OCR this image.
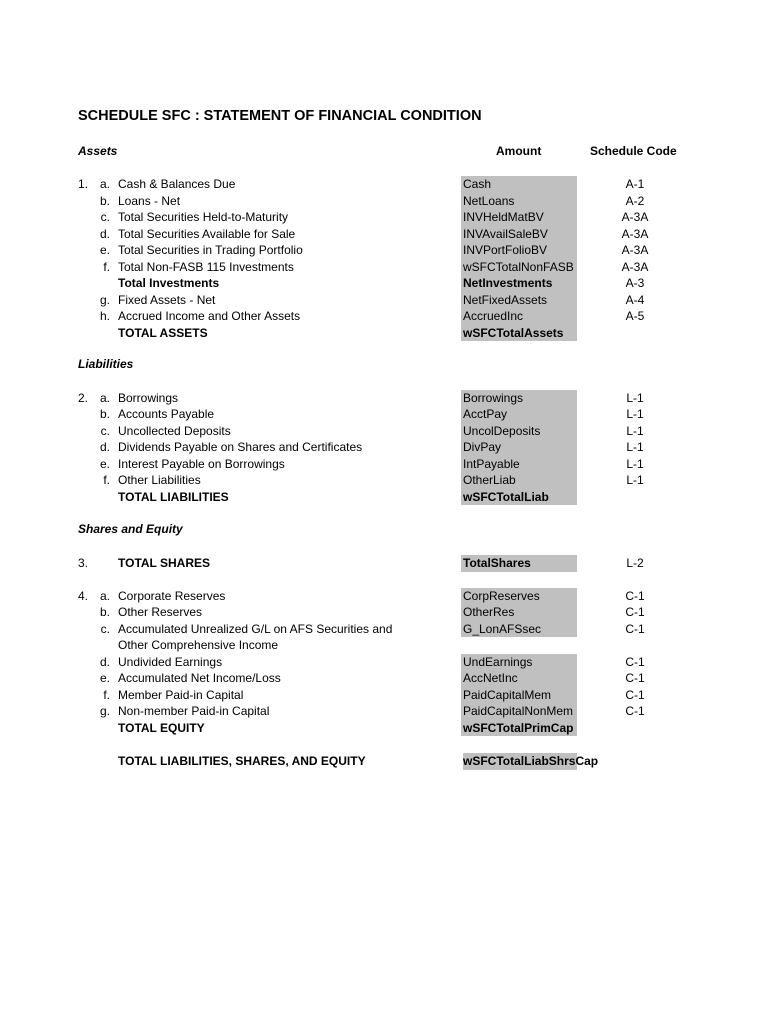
SCHEDULE SFC : STATEMENT OF FINANCIAL CONDITION
Assets	Amount	Schedule Code
1. a. Cash & Balances Due	Cash	A-1
b. Loans - Net	NetLoans	A-2
c. Total Securities Held-to-Maturity	INVHeldMatBV	A-3A
d. Total Securities Available for Sale	INVAvailSaleBV	A-3A
e. Total Securities in Trading Portfolio	INVPortFolioBV	A-3A
f. Total Non-FASB 115 Investments	wSFCTotalNonFASB	A-3A
Total Investments	NetInvestments	A-3
g. Fixed Assets - Net	NetFixedAssets	A-4
h. Accrued Income and Other Assets	AccruedInc	A-5
TOTAL ASSETS	wSFCTotalAssets
Liabilities
2. a. Borrowings	Borrowings	L-1
b. Accounts Payable	AcctPay	L-1
c. Uncollected Deposits	UncolDeposits	L-1
d. Dividends Payable on Shares and Certificates	DivPay	L-1
e. Interest Payable on Borrowings	IntPayable	L-1
f. Other Liabilities	OtherLiab	L-1
TOTAL LIABILITIES	wSFCTotalLiab
Shares and Equity
3. TOTAL SHARES	TotalShares	L-2
4. a. Corporate Reserves	CorpReserves	C-1
b. Other Reserves	OtherRes	C-1
c. Accumulated Unrealized G/L on AFS Securities and	G_LonAFSsec	C-1
Other Comprehensive Income
d. Undivided Earnings	UndEarnings	C-1
e. Accumulated Net Income/Loss	AccNetInc	C-1
f. Member Paid-in Capital	PaidCapitalMem	C-1
g. Non-member Paid-in Capital	PaidCapitalNonMem	C-1
TOTAL EQUITY	wSFCTotalPrimCap
TOTAL LIABILITIES, SHARES, AND EQUITY	wSFCTotalLiabShrsCap
